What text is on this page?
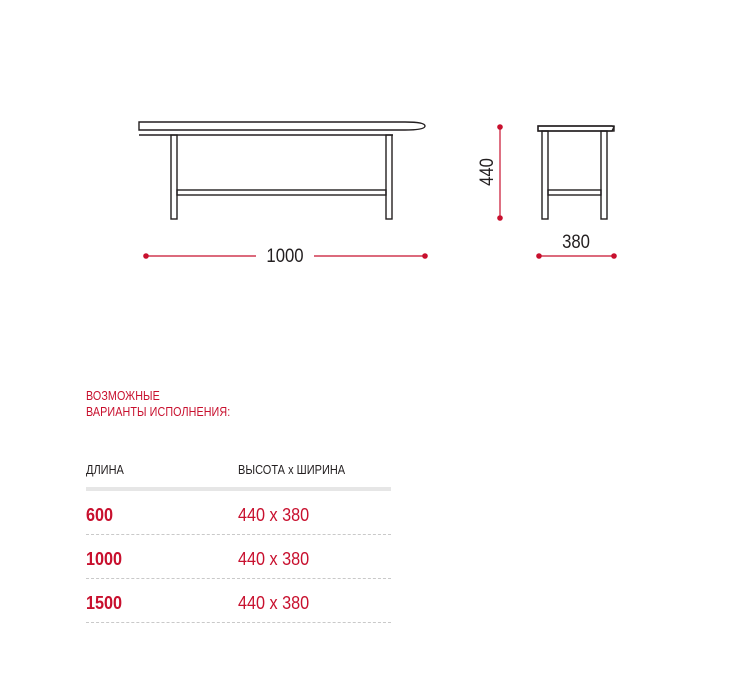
1000
440
380
ВОЗМОЖНЫЕ
ВАРИАНТЫ ИСПОЛНЕНИЯ:
ДЛИНА	ВЫСОТА х ШИРИНА
600	440 x 380
1000	440 x 380
1500	440 x 380
